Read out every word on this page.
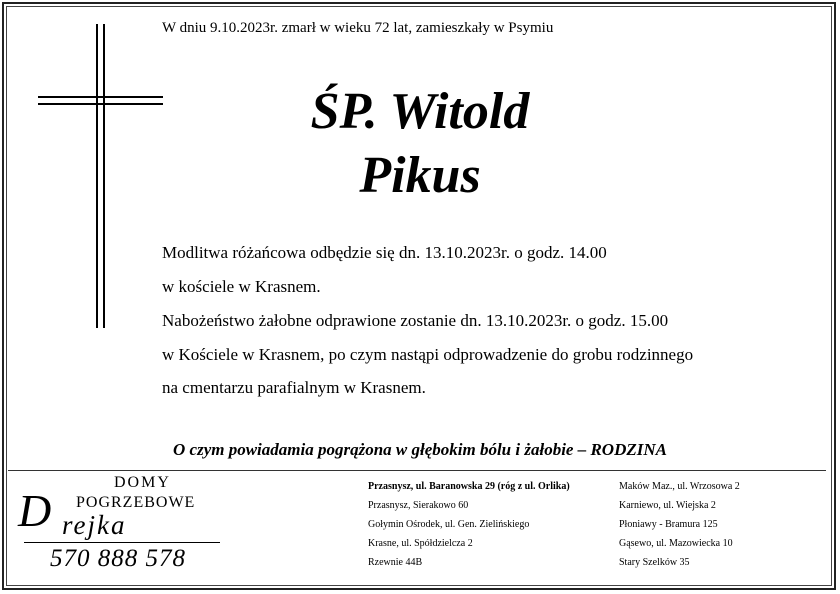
W dniu 9.10.2023r. zmarł w wieku 72 lat, zamieszkały w Psymiu
ŚP. Witold
Pikus
Modlitwa różańcowa odbędzie się dn. 13.10.2023r. o godz. 14.00
w kościele w Krasnem.
Nabożeństwo żałobne odprawione zostanie dn. 13.10.2023r. o godz. 15.00
w Kościele w Krasnem, po czym nastąpi odprowadzenie do grobu rodzinnego
na cmentarzu parafialnym w Krasnem.
O czym powiadamia pogrążona w głębokim bólu i żałobie – RODZINA
DOMY
POGRZEBOWE
D rejka
570 888 578
Przasnysz, ul. Baranowska 29 (róg z ul. Orlika)
Przasnysz, Sierakowo 60
Gołymin Ośrodek, ul. Gen. Zielińskiego
Krasne, ul. Spółdzielcza 2
Rzewnie 44B
Maków Maz., ul. Wrzosowa 2
Karniewo, ul. Wiejska 2
Płoniawy - Bramura 125
Gąsewo, ul. Mazowiecka 10
Stary Szelków 35
